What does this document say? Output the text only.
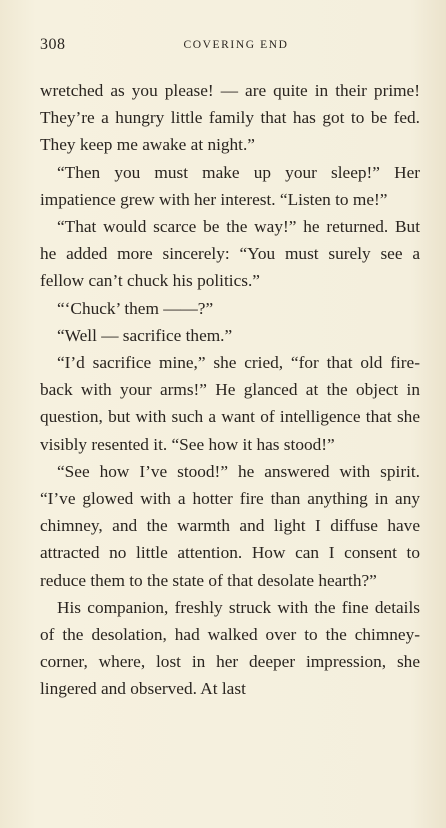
308	COVERING END

wretched as you please! — are quite in their prime! They’re a hungry little family that has got to be fed. They keep me awake at night.”

“Then you must make up your sleep!” Her impatience grew with her interest. “Listen to me!”

“That would scarce be the way!” he returned. But he added more sincerely: “You must surely see a fellow can’t chuck his politics.”

“‘Chuck’ them ——?”

“Well — sacrifice them.”

“I’d sacrifice mine,” she cried, “for that old fire-back with your arms!” He glanced at the object in question, but with such a want of intelligence that she visibly resented it. “See how it has stood!”

“See how I’ve stood!” he answered with spirit. “I’ve glowed with a hotter fire than anything in any chimney, and the warmth and light I diffuse have attracted no little attention. How can I consent to reduce them to the state of that desolate hearth?”

His companion, freshly struck with the fine details of the desolation, had walked over to the chimney-corner, where, lost in her deeper impression, she lingered and observed. At last
